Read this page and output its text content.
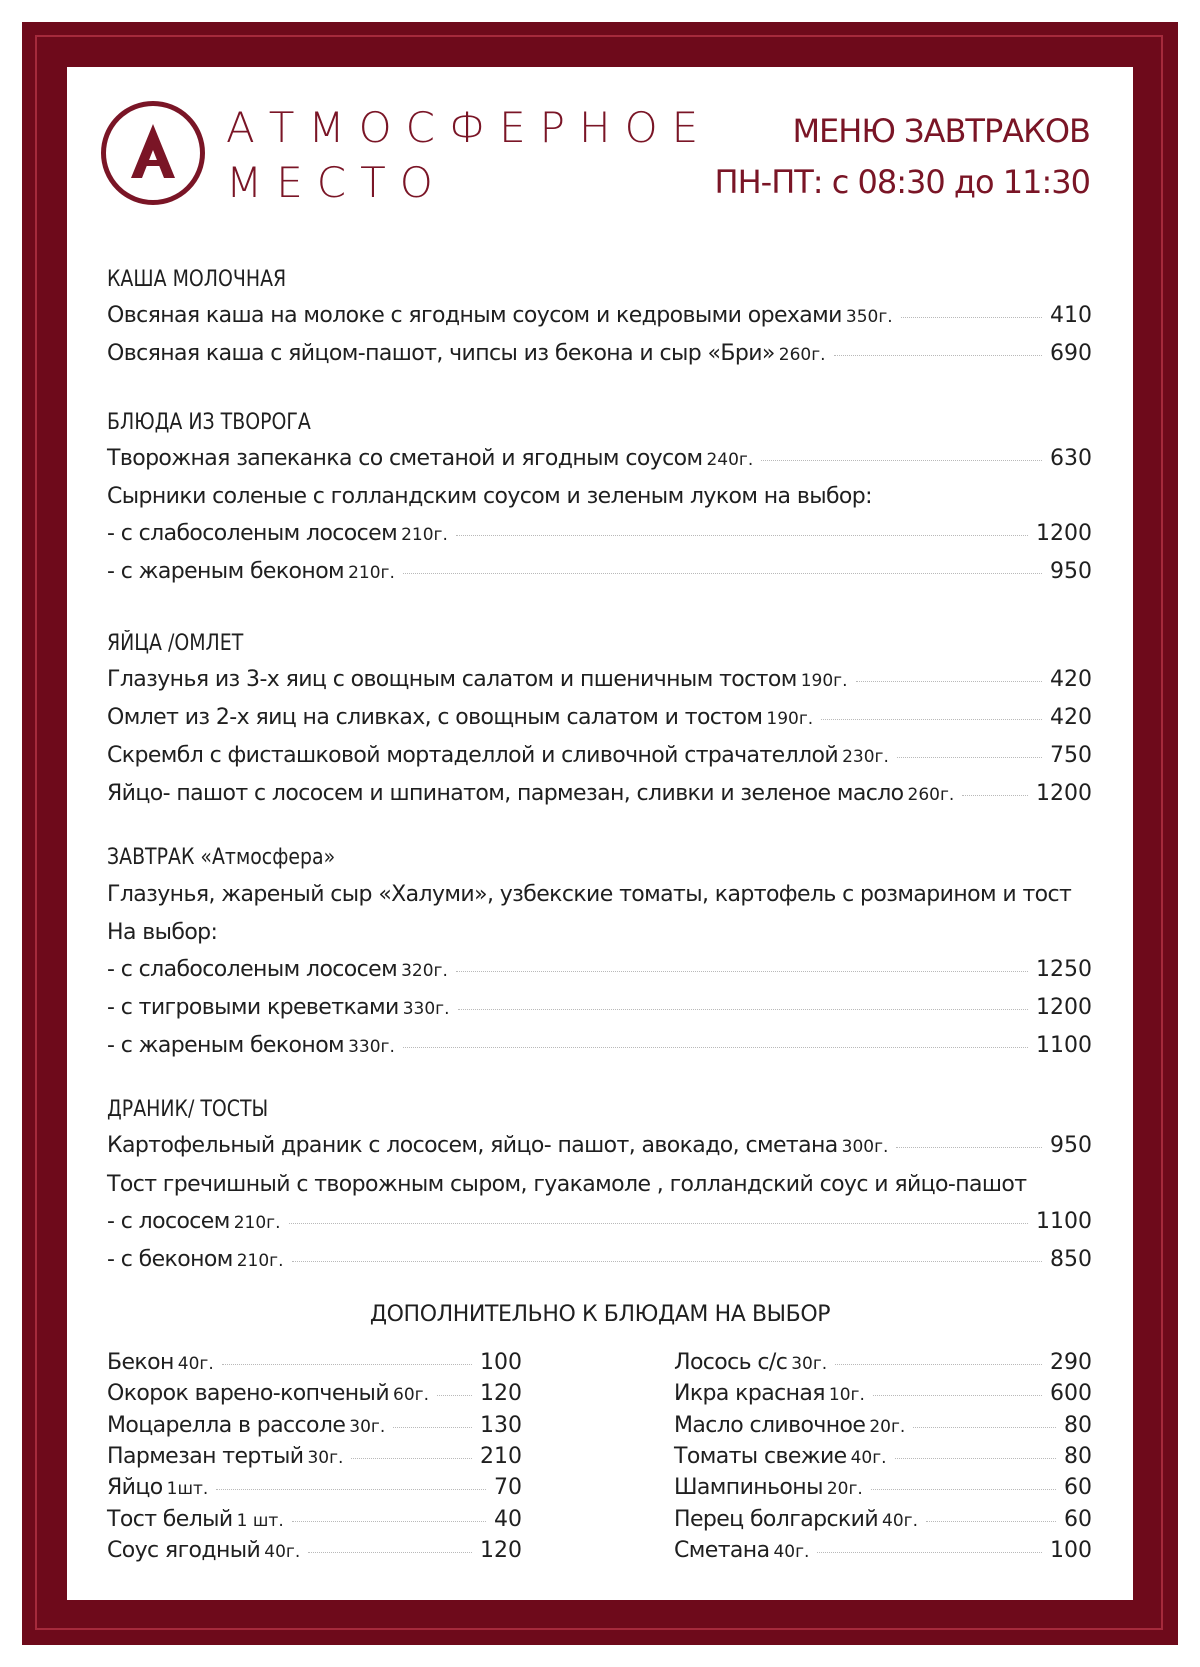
АТМОСФЕРНОЕ
МЕСТО
МЕНЮ ЗАВТРАКОВ
ПН-ПТ: с 08:30 до 11:30
КАША МОЛОЧНАЯ
Овсяная каша на молоке с ягодным соусом и кедровыми орехами 350г.	410
Овсяная каша с яйцом-пашот, чипсы из бекона и сыр «Бри» 260г.	690
БЛЮДА ИЗ ТВОРОГА
Творожная запеканка со сметаной и ягодным соусом 240г.	630
Сырники соленые с голландским соусом и зеленым луком на выбор:
- с слабосоленым лососем 210г.	1200
- с жареным беконом 210г.	950
ЯЙЦА /ОМЛЕТ
Глазунья из 3-х яиц с овощным салатом и пшеничным тостом 190г.	420
Омлет из 2-х яиц на сливках, с овощным салатом и тостом 190г.	420
Скрембл с фисташковой мортаделлой и сливочной страчателлой 230г.	750
Яйцо- пашот с лососем и шпинатом, пармезан, сливки и зеленое масло 260г.	1200
ЗАВТРАК «Атмосфера»
Глазунья, жареный сыр «Халуми», узбекские томаты, картофель с розмарином и тост
На выбор:
- с слабосоленым лососем 320г.	1250
- с тигровыми креветками 330г.	1200
- с жареным беконом 330г.	1100
ДРАНИК/ ТОСТЫ
Картофельный драник с лососем, яйцо- пашот, авокадо, сметана 300г.	950
Тост гречишный с творожным сыром, гуакамоле , голландский соус и яйцо-пашот
- с лососем 210г.	1100
- с беконом 210г.	850
ДОПОЛНИТЕЛЬНО К БЛЮДАМ НА ВЫБОР
Бекон 40г.	100
Окорок варено-копченый 60г. 120
Моцарелла в рассоле 30г.	130
Пармезан тертый 30г.	210
Яйцо 1шт.	70
Тост белый 1 шт.	40
Соус ягодный 40г.	120
Лосось с/с 30г.	290
Икра красная 10г.	600
Масло сливочное 20г.	80
Томаты свежие 40г.	80
Шампиньоны 20г.	60
Перец болгарский 40г.	60
Сметана 40г.	100
